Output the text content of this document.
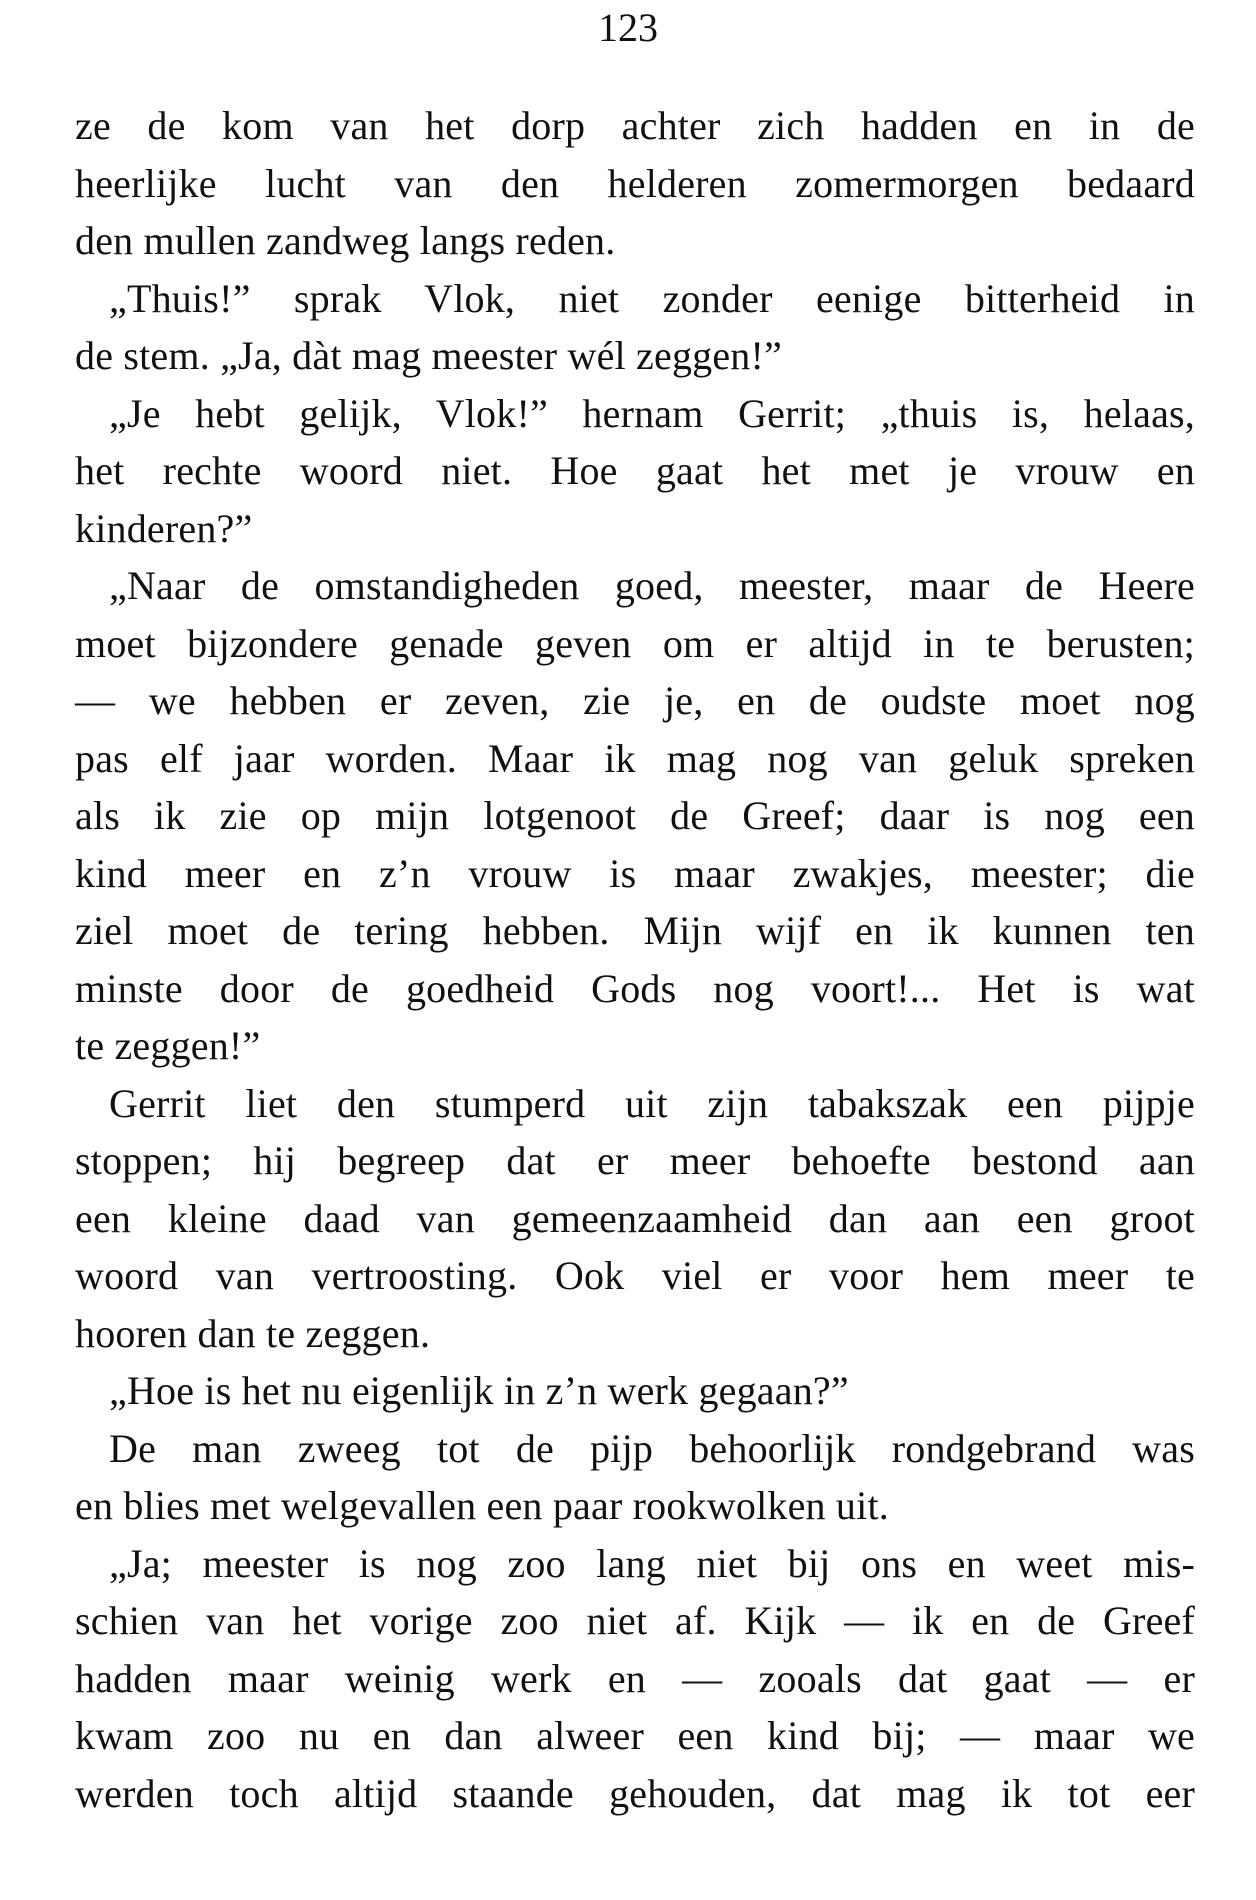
123
ze de kom van het dorp achter zich hadden en in de
heerlijke lucht van den helderen zomermorgen bedaard
den mullen zandweg langs reden.
„Thuis!” sprak Vlok, niet zonder eenige bitterheid in
de stem. „Ja, dàt mag meester wél zeggen!”
„Je hebt gelijk, Vlok!” hernam Gerrit; „thuis is, helaas,
het rechte woord niet. Hoe gaat het met je vrouw en
kinderen?”
„Naar de omstandigheden goed, meester, maar de Heere
moet bijzondere genade geven om er altijd in te berusten;
— we hebben er zeven, zie je, en de oudste moet nog
pas elf jaar worden. Maar ik mag nog van geluk spreken
als ik zie op mijn lotgenoot de Greef; daar is nog een
kind meer en z’n vrouw is maar zwakjes, meester; die
ziel moet de tering hebben. Mijn wijf en ik kunnen ten
minste door de goedheid Gods nog voort!... Het is wat
te zeggen!”
Gerrit liet den stumperd uit zijn tabakszak een pijpje
stoppen; hij begreep dat er meer behoefte bestond aan
een kleine daad van gemeenzaamheid dan aan een groot
woord van vertroosting. Ook viel er voor hem meer te
hooren dan te zeggen.
„Hoe is het nu eigenlijk in z’n werk gegaan?”
De man zweeg tot de pijp behoorlijk rondgebrand was
en blies met welgevallen een paar rookwolken uit.
„Ja; meester is nog zoo lang niet bij ons en weet mis-
schien van het vorige zoo niet af. Kijk — ik en de Greef
hadden maar weinig werk en — zooals dat gaat — er
kwam zoo nu en dan alweer een kind bij; — maar we
werden toch altijd staande gehouden, dat mag ik tot eer
